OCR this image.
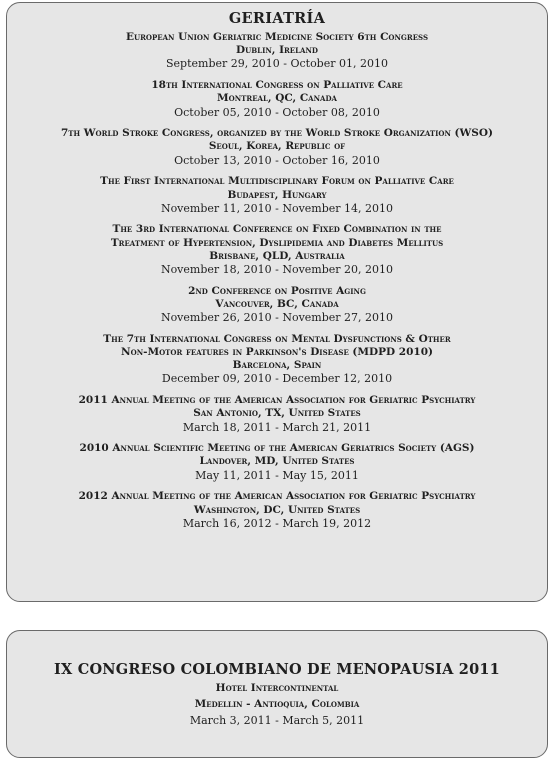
GERIATRÍA
European Union Geriatric Medicine Society 6th Congress
Dublin, Ireland
September 29, 2010 - October 01, 2010
18th International Congress on Palliative Care
Montreal, QC, Canada
October 05, 2010 - October 08, 2010
7th World Stroke Congress, organized by the World Stroke Organization (WSO)
Seoul, Korea, Republic of
October 13, 2010 - October 16, 2010
The First International Multidisciplinary Forum on Palliative Care
Budapest, Hungary
November 11, 2010 - November 14, 2010
The 3rd International Conference on Fixed Combination in the
Treatment of Hypertension, Dyslipidemia and Diabetes Mellitus
Brisbane, QLD, Australia
November 18, 2010 - November 20, 2010
2nd Conference on Positive Aging
Vancouver, BC, Canada
November 26, 2010 - November 27, 2010
The 7th International Congress on Mental Dysfunctions & Other
Non-Motor features in Parkinson's Disease (MDPD 2010)
Barcelona, Spain
December 09, 2010 - December 12, 2010
2011 Annual Meeting of the American Association for Geriatric Psychiatry
San Antonio, TX, United States
March 18, 2011 - March 21, 2011
2010 Annual Scientific Meeting of the American Geriatrics Society (AGS)
Landover, MD, United States
May 11, 2011 - May 15, 2011
2012 Annual Meeting of the American Association for Geriatric Psychiatry
Washington, DC, United States
March 16, 2012 - March 19, 2012
IX CONGRESO COLOMBIANO DE MENOPAUSIA 2011
Hotel Intercontinental
Medellin - Antioquia, Colombia
March 3, 2011 - March 5, 2011
